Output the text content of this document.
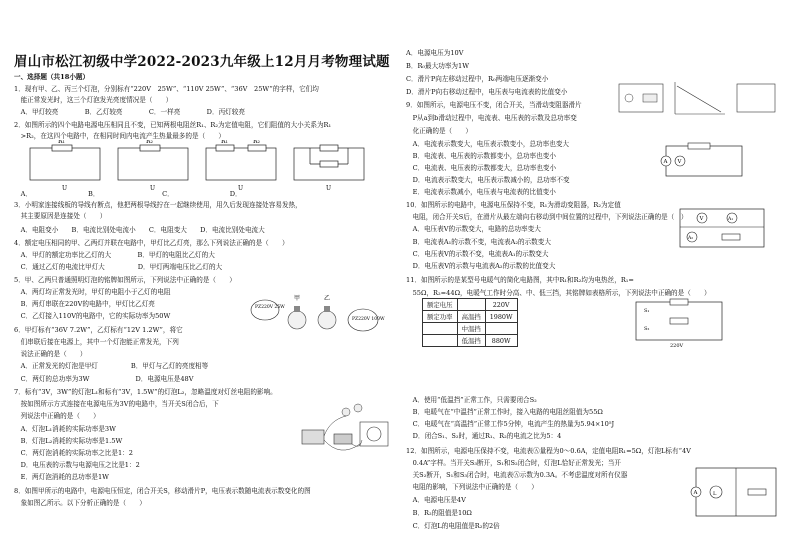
眉山市松江初级中学2022-2023九年级上12月月考物理试题
一、选择题（共18小题）
1．现有甲、乙、丙三个灯泡，分别标有“220V　25W”、“110V 25W”、“36V　25W”的字样，它们均
　能正常发光时，这三个灯泡发光亮度情况是（　　）
　A．甲灯较亮　　　　B．乙灯较亮　　　　C．一样亮　　　　D．丙灯较亮
2．如图所示的四个电路电源电压相同且不变，已知两根电阻丝R₁、R₂为定值电阻，它们阻值的大小关系为R₁
　>R₂，在这四个电路中，在相同时间内电流产生热量最多的是（　　）
　A．　　　　　　　　　B．　　　　　　　　　　C．　　　　　　　　　D．
3．小明家连接线板的导线有断点，他把两根导线拧在一起继续使用，用久后发现连接处容易发热，
　其主要原因是连接处（　　）
　A．电阻变小　　B．电流比别处电流小　　C．电阻变大　　D．电流比别处电流大
4．额定电压相同的甲、乙两灯并联在电路中，甲灯比乙灯亮，那么下列说法正确的是（　　）
　A．甲灯的额定功率比乙灯的大　　　　B．甲灯的电阻比乙灯的大
　C．通过乙灯的电流比甲灯大　　　　　D．甲灯两端电压比乙灯的大
5．甲、乙两只普通照明灯泡的铭牌如图所示，下列说法中正确的是（　　）
　A．两灯均正常发光时，甲灯的电阻小于乙灯的电阻
　B．两灯串联在220V的电路中，甲灯比乙灯亮
　C．乙灯接入110V的电路中，它的实际功率为50W
6．甲灯标有“36V 7.2W”，乙灯标有“12V 1.2W”，将它
　们串联后接在电源上，其中一个灯泡能正常发光，下列
　说法正确的是（　　）
　A．正常发光的灯泡是甲灯　　　　　B．甲灯与乙灯的亮度相等
　C．两灯的总功率为3W　　　　　　　D．电源电压是48V
7．标有“3V，3W”的灯泡L₁和标有“3V，1.5W”的灯泡L₂，忽略温度对灯丝电阻的影响。
　按如图所示方式连接在电源电压为3V的电路中，当开关S闭合后，下
　列说法中正确的是（　　）
　A．灯泡L₁消耗的实际功率是3W
　B．灯泡L₂消耗的实际功率是1.5W
　C．两灯泡消耗的实际功率之比是1：2
　D．电压表的示数与电源电压之比是1：2
　E．两灯泡消耗的总功率是1W
8．如图甲所示的电路中，电源电压恒定，闭合开关S，移动滑片P，电压表示数随电流表示数变化的图
　象如图乙所示。以下分析正确的是（　　）
A．电源电压为10V
B．R₀最大功率为1W
C．滑片P向左移动过程中，R₀两端电压逐渐变小
D．滑片P向右移动过程中，电压表与电流表的比值变小
9．如图所示，电源电压不变，闭合开关，当滑动变阻器滑片
　P从a到b滑动过程中，电流表、电压表的示数及总功率变
　化正确的是（　　）
　A．电流表示数变大，电压表示数变小，总功率也变大
　B．电流表、电压表的示数都变小，总功率也变小
　C．电流表、电压表的示数都变大，总功率也变小
　D．电流表示数变大，电压表示数减小的，总功率不变
　E．电流表示数减小，电压表与电流表的比值变小
10．如图所示的电路中，电源电压保持不变，R₁为滑动变阻器，R₂为定值
　电阻，闭合开关S后，在滑片从最左端向右移动到中间位置的过程中，下列说法正确的是（　）
　A．电压表V的示数变大，电路的总功率变大
　B．电流表A₁的示数不变，电流表A₂的示数变大
　C．电压表V的示数不变，电流表A₁的示数变大
　D．电压表V的示数与电流表A₂的示数的比值变大
11．如图所示的是某型号电暖气的简化电路图，其中R₁和R₂均为电热丝，R₁=
　55Ω，R₂=44Ω，电暖气工作时分高、中、低三挡，其铭牌如表格所示，下列说法中正确的是（　　）
　A．使用“低温挡”正常工作，只需要闭合S₂
　B．电暖气在“中温挡”正常工作时，接入电路的电阻丝阻值为55Ω
　C．电暖气在“高温挡”正常工作5分钟，电流产生的热量为5.94×10⁵J
　D．闭合S₁、S₂时，通过R₁、R₂的电流之比为5：4
12．如图所示，电源电压保持不变，电流表Ⓐ量程为0～0.6A，定值电阻R₁=5Ω，灯泡L标有“4V
　0.4A”字样。当开关S₃断开，S₁和S₂闭合时，灯泡L恰好正常发光；当开
　关S₂断开，S₁和S₃闭合时，电流表Ⓐ示数为0.3A。不考虑温度对所有仪器
　电阻的影响，下列说法中正确的是（　　）
　A．电源电压是4V
　B．R₂的阻值是10Ω
　C．灯泡L的电阻值是R₂的2倍
R₁
U
R₂
U
R₁	R₂
U	U
PZ220V 25W
甲	乙
PZ220V 100W
V
A
V	A₁
A₂
额定电压		220V
额定功率	高温挡	1980W
	中温挡	
	低温挡	880W
S₁
S₂
220V
L
A
